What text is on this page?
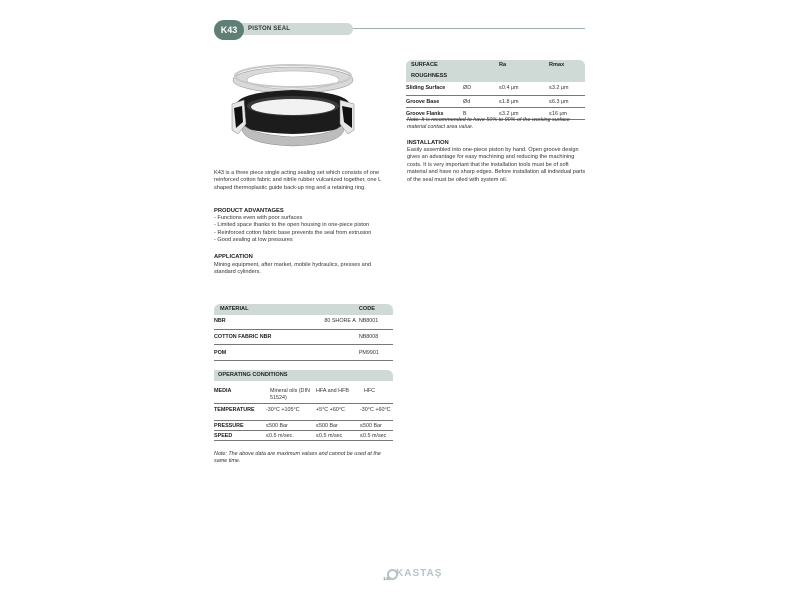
K43	PISTON SEAL
K43 is a three piece single acting sealing set which consists of one reinforced cotton fabric and nitrile rubber vulcanized together, one L shaped thermoplastic guide back-up ring and a retaining ring.
PRODUCT ADVANTAGES
- Functions even with poor surfaces
- Limited space thanks to the open housing in one-piece piston
- Reinforced cotton fabric base prevents the seal from extrusion
- Good sealing at low pressures
APPLICATION
Mining equipment, after market, mobile hydraulics, presses and standard cylinders.
MATERIAL		CODE
NBR	80 SHORE A	NB8001
COTTON FABRIC NBR		NB8008
POM		PM9901
OPERATING CONDITIONS			
MEDIA	Mineral oils (DIN 51524)	HFA and HFB	HFC
TEMPERATURE	-30°C +105°C	+5°C +60°C	-30°C +60°C
PRESSURE	≤500 Bar	≤500 Bar	≤500 Bar
SPEED	≤0.5 m/sec.	≤0.5 m/sec	≤0.5 m/sec
Note: The above data are maximum values and cannot be used at the same time.
SURFACE ROUGHNESS		Ra	Rmax
Sliding Surface	ØD	≤0.4 μm	≤3.2 μm
Groove Base	Ød	≤1.8 μm	≤6.3 μm
Groove Flanks	B	≤3.2 μm	≤16 μm
Note: It is recommended to have 50% to 90% of the working surface material contact area value.
INSTALLATION
Easily assembled into one-piece piston by hand. Open groove design gives an advantage for easy machining and reducing the machining costs. It is very important that the installation tools must be of soft material and have no sharp edges. Before installation all individual parts of the seal must be oiled with system oil.
148 KASTAŞ
